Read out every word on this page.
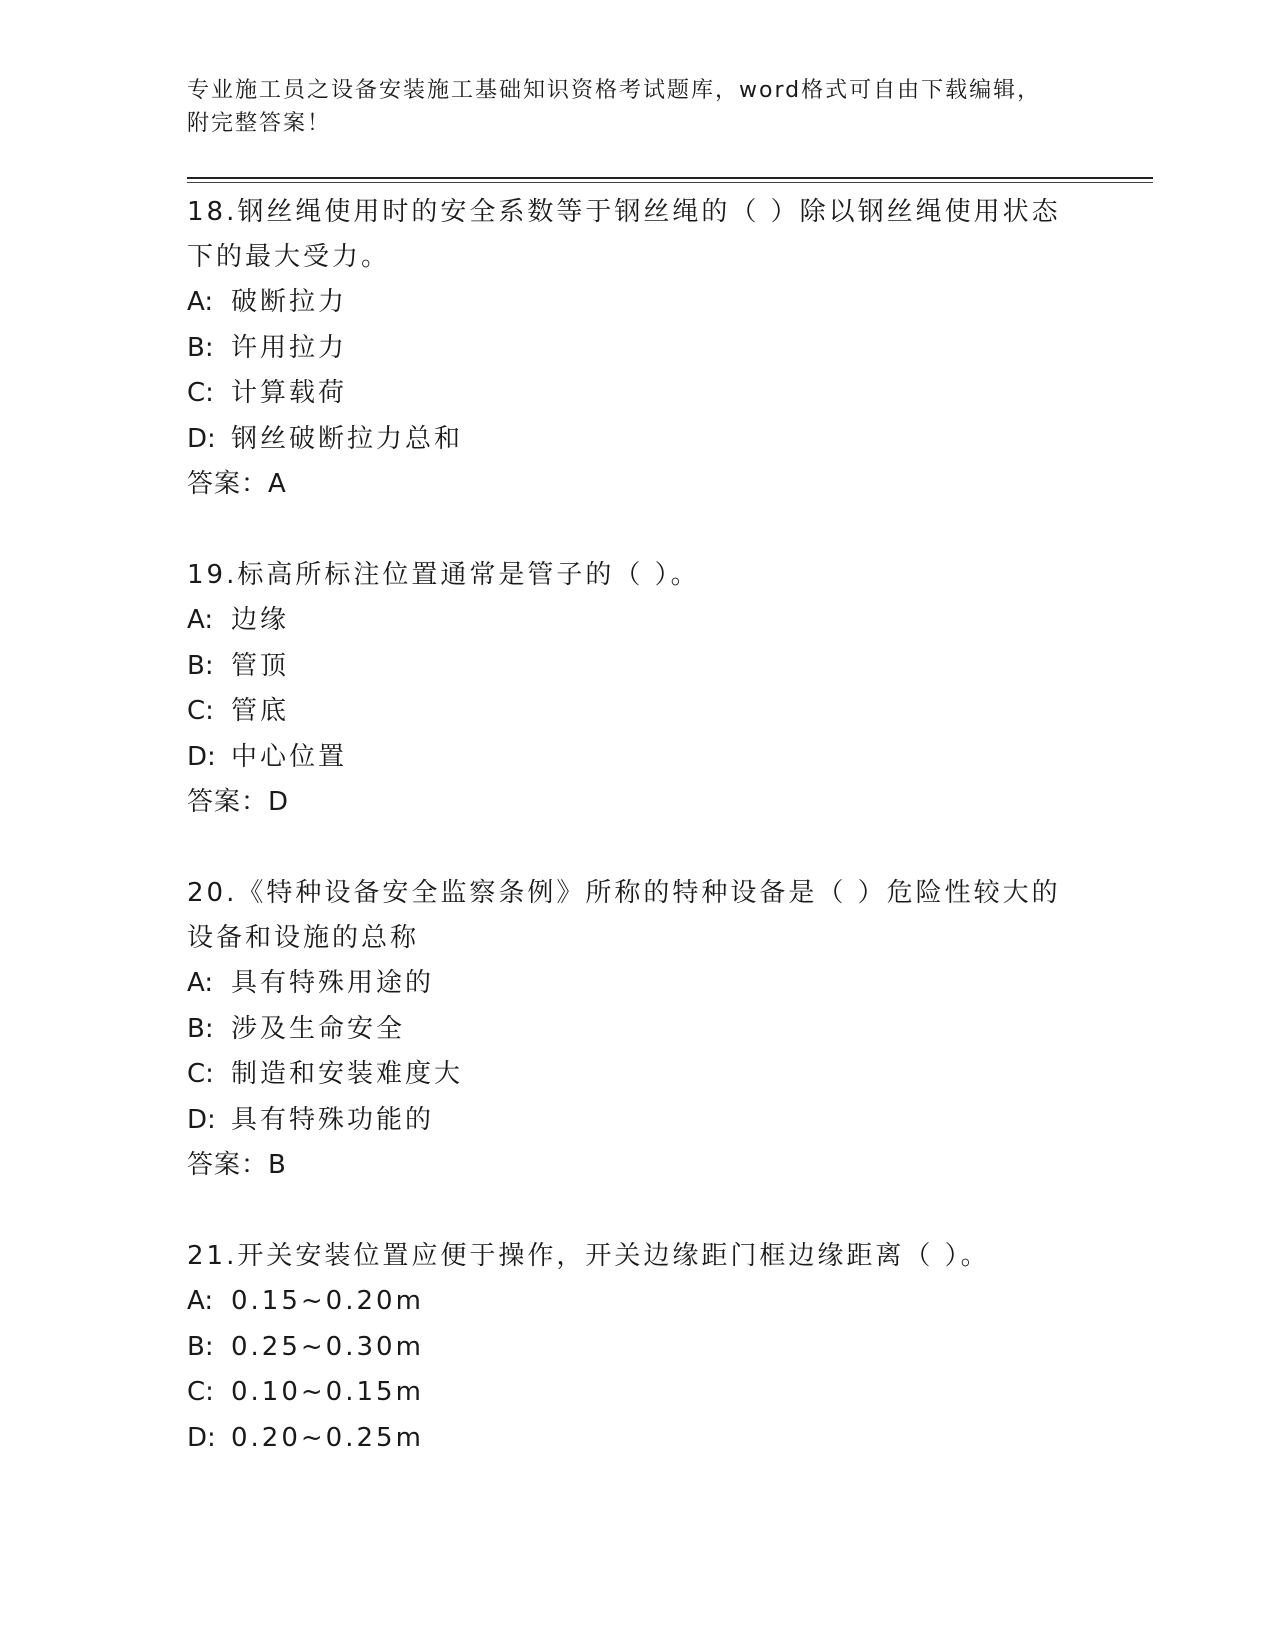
专业施工员之设备安装施工基础知识资格考试题库，word格式可自由下载编辑，
附完整答案！
18.钢丝绳使用时的安全系数等于钢丝绳的（ ）除以钢丝绳使用状态下的最大受力。
A: 破断拉力
B: 许用拉力
C: 计算载荷
D: 钢丝破断拉力总和
答案：A
19.标高所标注位置通常是管子的（ ）。
A: 边缘
B: 管顶
C: 管底
D: 中心位置
答案：D
20.《特种设备安全监察条例》所称的特种设备是（ ）危险性较大的设备和设施的总称
A: 具有特殊用途的
B: 涉及生命安全
C: 制造和安装难度大
D: 具有特殊功能的
答案：B
21.开关安装位置应便于操作，开关边缘距门框边缘距离（ ）。
A: 0.15~0.20m
B: 0.25~0.30m
C: 0.10~0.15m
D: 0.20~0.25m
